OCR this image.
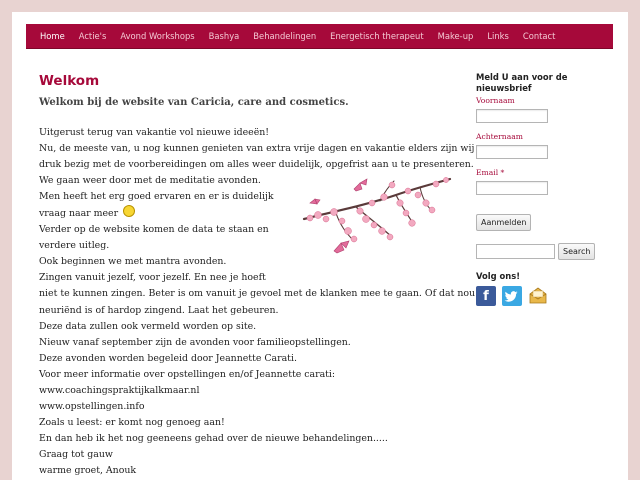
Home	Actie's	Avond Workshops	Bashya	Behandelingen	Energetisch therapeut	Make-up	Links	Contact
Welkom

Welkom bij de website van Caricia, care and cosmetics.

Uitgerust terug van vakantie vol nieuwe ideeën!
Nu, de meeste van, u nog kunnen genieten van extra vrije dagen en vakantie elders zijn wij
druk bezig met de voorbereidingen om alles weer duidelijk, opgefrist aan u te presenteren.
We gaan weer door met de meditatie avonden.
Men heeft het erg goed ervaren en er is duidelijk
vraag naar meer
Verder op de website komen de data te staan en
verdere uitleg.
Ook beginnen we met mantra avonden.
Zingen vanuit jezelf, voor jezelf. En nee je hoeft
niet te kunnen zingen. Beter is om vanuit je gevoel met de klanken mee te gaan. Of dat nou
neuriënd is of hardop zingend. Laat het gebeuren.
Deze data zullen ook vermeld worden op site.
Nieuw vanaf september zijn de avonden voor familieopstellingen.
Deze avonden worden begeleid door Jeannette Carati.
Voor meer informatie over opstellingen en/of Jeannette carati:
www.coachingspraktijkalkmaar.nl
www.opstellingen.info
Zoals u leest: er komt nog genoeg aan!
En dan heb ik het nog geeneens gehad over de nieuwe behandelingen.....
Graag tot gauw
warme groet, Anouk

Meld U aan voor de nieuwsbrief

Voornaam
Achternaam
Email *
Aanmelden
Search
Volg ons!
f
